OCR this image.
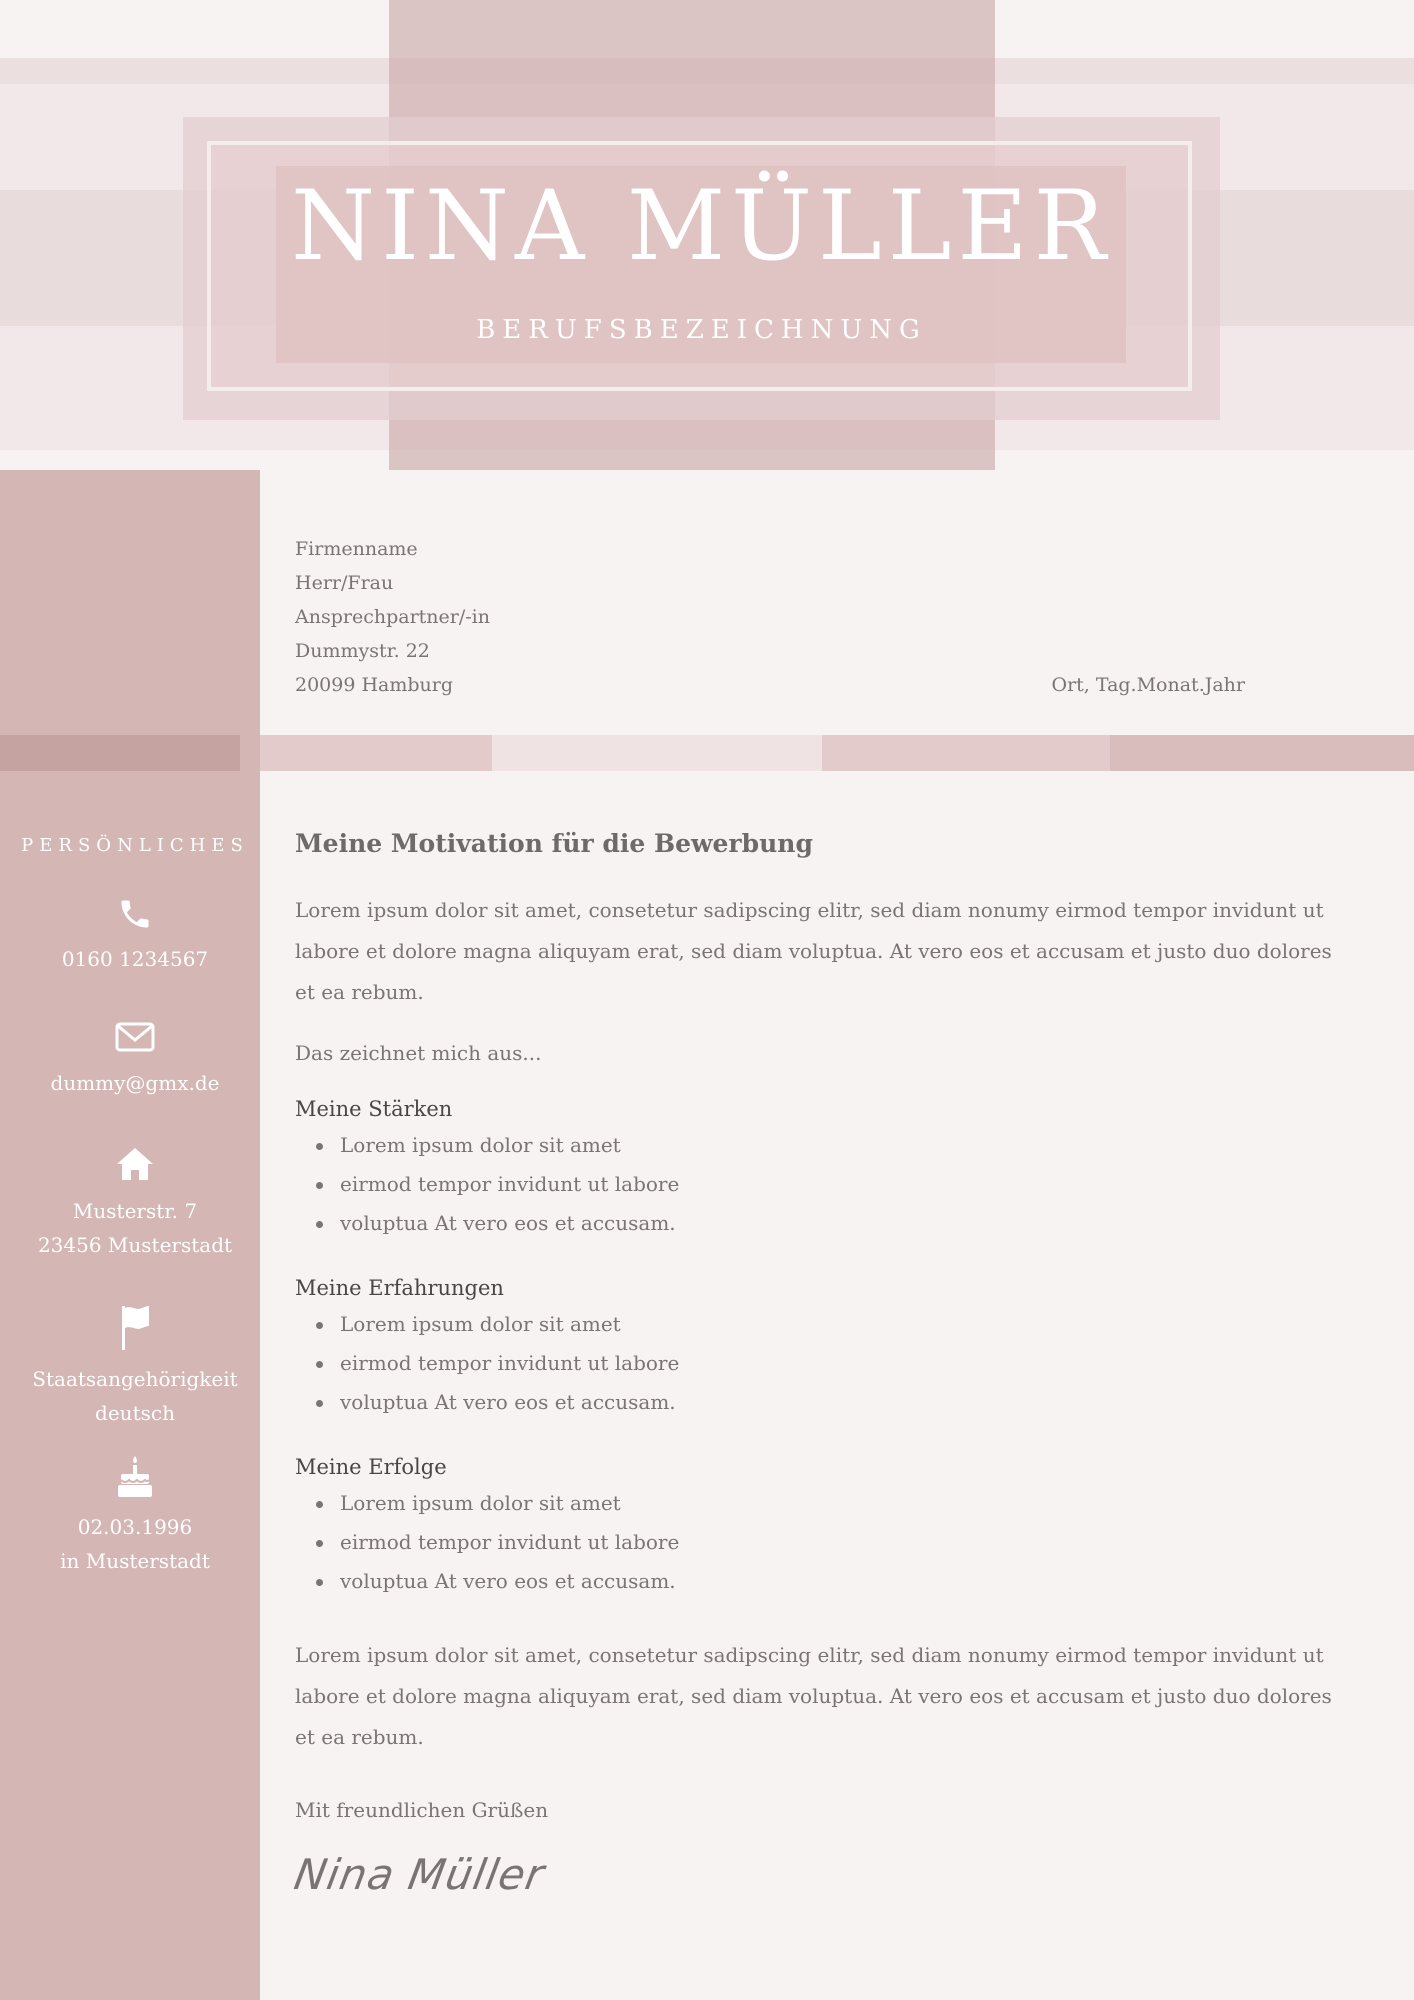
NINA MÜLLER
BERUFSBEZEICHNUNG
Firmenname
Herr/Frau
Ansprechpartner/-in
Dummystr. 22
20099 Hamburg	Ort, Tag.Monat.Jahr
PERSÖNLICHES
0160 1234567
dummy@gmx.de
Musterstr. 7
23456 Musterstadt
Staatsangehörigkeit
deutsch
02.03.1996
in Musterstadt
Meine Motivation für die Bewerbung

Lorem ipsum dolor sit amet, consetetur sadipscing elitr, sed diam nonumy eirmod tempor invidunt ut labore et dolore magna aliquyam erat, sed diam voluptua. At vero eos et accusam et justo duo dolores et ea rebum.

Das zeichnet mich aus...

Meine Stärken
Lorem ipsum dolor sit amet
eirmod tempor invidunt ut labore
voluptua At vero eos et accusam.
Meine Erfahrungen
Lorem ipsum dolor sit amet
eirmod tempor invidunt ut labore
voluptua At vero eos et accusam.
Meine Erfolge
Lorem ipsum dolor sit amet
eirmod tempor invidunt ut labore
voluptua At vero eos et accusam.

Lorem ipsum dolor sit amet, consetetur sadipscing elitr, sed diam nonumy eirmod tempor invidunt ut labore et dolore magna aliquyam erat, sed diam voluptua. At vero eos et accusam et justo duo dolores et ea rebum.

Mit freundlichen Grüßen

Nina Müller
